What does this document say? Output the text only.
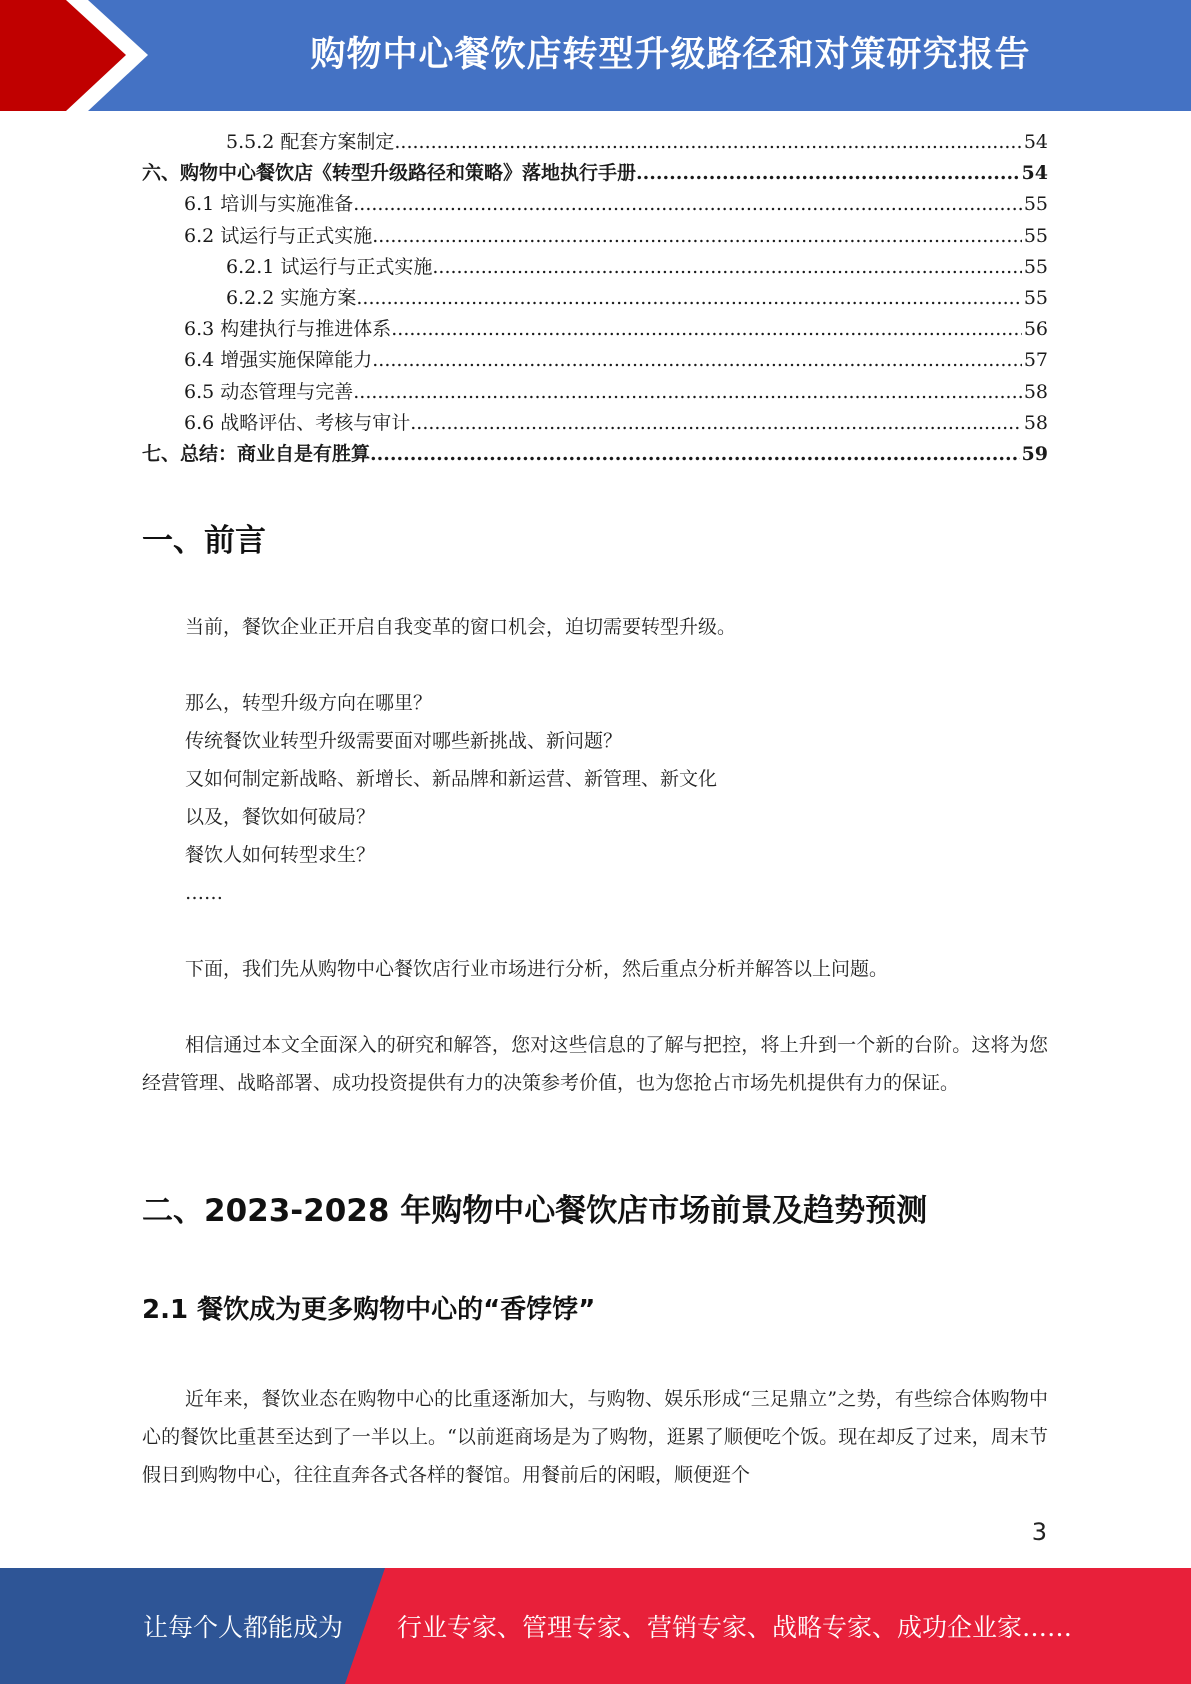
购物中心餐饮店转型升级路径和对策研究报告
5.5.2 配套方案制定 .....	54
六、购物中心餐饮店《转型升级路径和策略》落地执行手册 .....	54
6.1 培训与实施准备 .....	55
6.2 试运行与正式实施 .....	55
6.2.1 试运行与正式实施 .....	55
6.2.2 实施方案 .....	55
6.3 构建执行与推进体系 .....	56
6.4 增强实施保障能力 .....	57
6.5 动态管理与完善 .....	58
6.6 战略评估、考核与审计 .....	58
七、总结：商业自是有胜算 .....	59
一、前言

当前，餐饮企业正开启自我变革的窗口机会，迫切需要转型升级。

那么，转型升级方向在哪里？
传统餐饮业转型升级需要面对哪些新挑战、新问题？
又如何制定新战略、新增长、新品牌和新运营、新管理、新文化
以及，餐饮如何破局？
餐饮人如何转型求生？
……

下面，我们先从购物中心餐饮店行业市场进行分析，然后重点分析并解答以上问题。

相信通过本文全面深入的研究和解答，您对这些信息的了解与把控，将上升到一个新的台阶。这将为您经营管理、战略部署、成功投资提供有力的决策参考价值，也为您抢占市场先机提供有力的保证。

二、2023-2028 年购物中心餐饮店市场前景及趋势预测
2.1 餐饮成为更多购物中心的“香饽饽”

近年来，餐饮业态在购物中心的比重逐渐加大，与购物、娱乐形成“三足鼎立”之势，有些综合体购物中心的餐饮比重甚至达到了一半以上。“以前逛商场是为了购物，逛累了顺便吃个饭。现在却反了过来，周末节假日到购物中心，往往直奔各式各样的餐馆。用餐前后的闲暇，顺便逛个

3
让每个人都能成为 行业专家、管理专家、营销专家、战略专家、成功企业家……
